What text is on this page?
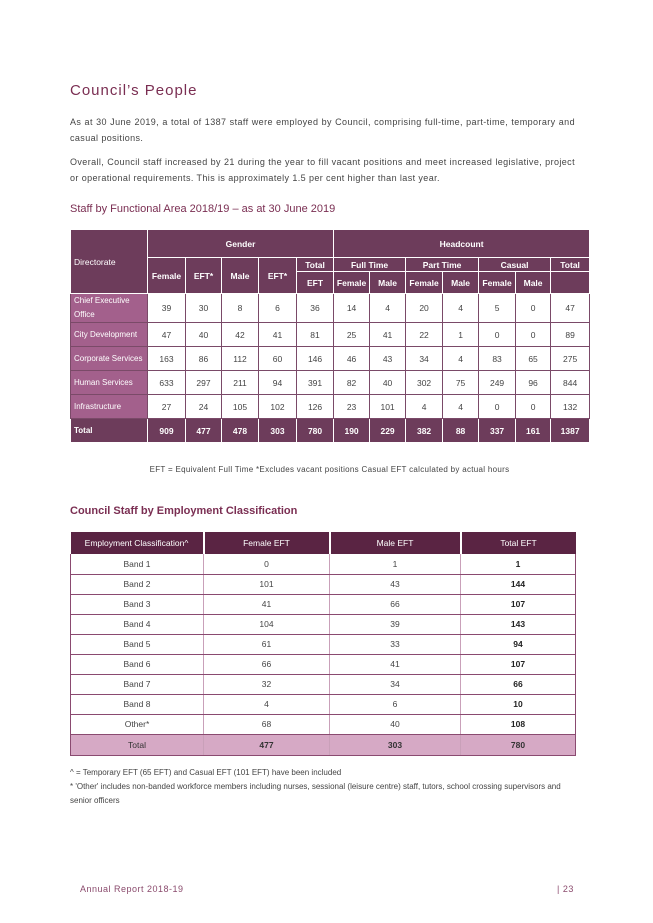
Council’s People

As at 30 June 2019, a total of 1387 staff were employed by Council, comprising full-time, part-time, temporary and casual positions.

Overall, Council staff increased by 21 during the year to fill vacant positions and meet increased legislative, project or operational requirements. This is approximately 1.5 per cent higher than last year.

Staff by Functional Area 2018/19 – as at 30 June 2019
Directorate	Gender					Headcount						
	Female	EFT*	Male	EFT*	Total	Full Time		Part Time		Casual		Total
					EFT	Female	Male	Female	Male	Female	Male	
Chief Executive Office	39	30	8	6	36	14	4	20	4	5	0	47
City Development	47	40	42	41	81	25	41	22	1	0	0	89
Corporate Services	163	86	112	60	146	46	43	34	4	83	65	275
Human Services	633	297	211	94	391	82	40	302	75	249	96	844
Infrastructure	27	24	105	102	126	23	101	4	4	0	0	132
Total	909	477	478	303	780	190	229	382	88	337	161	1387
EFT = Equivalent Full Time *Excludes vacant positions Casual EFT calculated by actual hours
Council Staff by Employment Classification
Employment Classification^	Female EFT	Male EFT	Total EFT
Band 1	0	1	1
Band 2	101	43	144
Band 3	41	66	107
Band 4	104	39	143
Band 5	61	33	94
Band 6	66	41	107
Band 7	32	34	66
Band 8	4	6	10
Other*	68	40	108
Total	477	303	780
^ = Temporary EFT (65 EFT) and Casual EFT (101 EFT) have been included
* 'Other' includes non-banded workforce members including nurses, sessional (leisure centre) staff, tutors, school crossing supervisors and senior officers
Annual Report 2018-19	| 23
